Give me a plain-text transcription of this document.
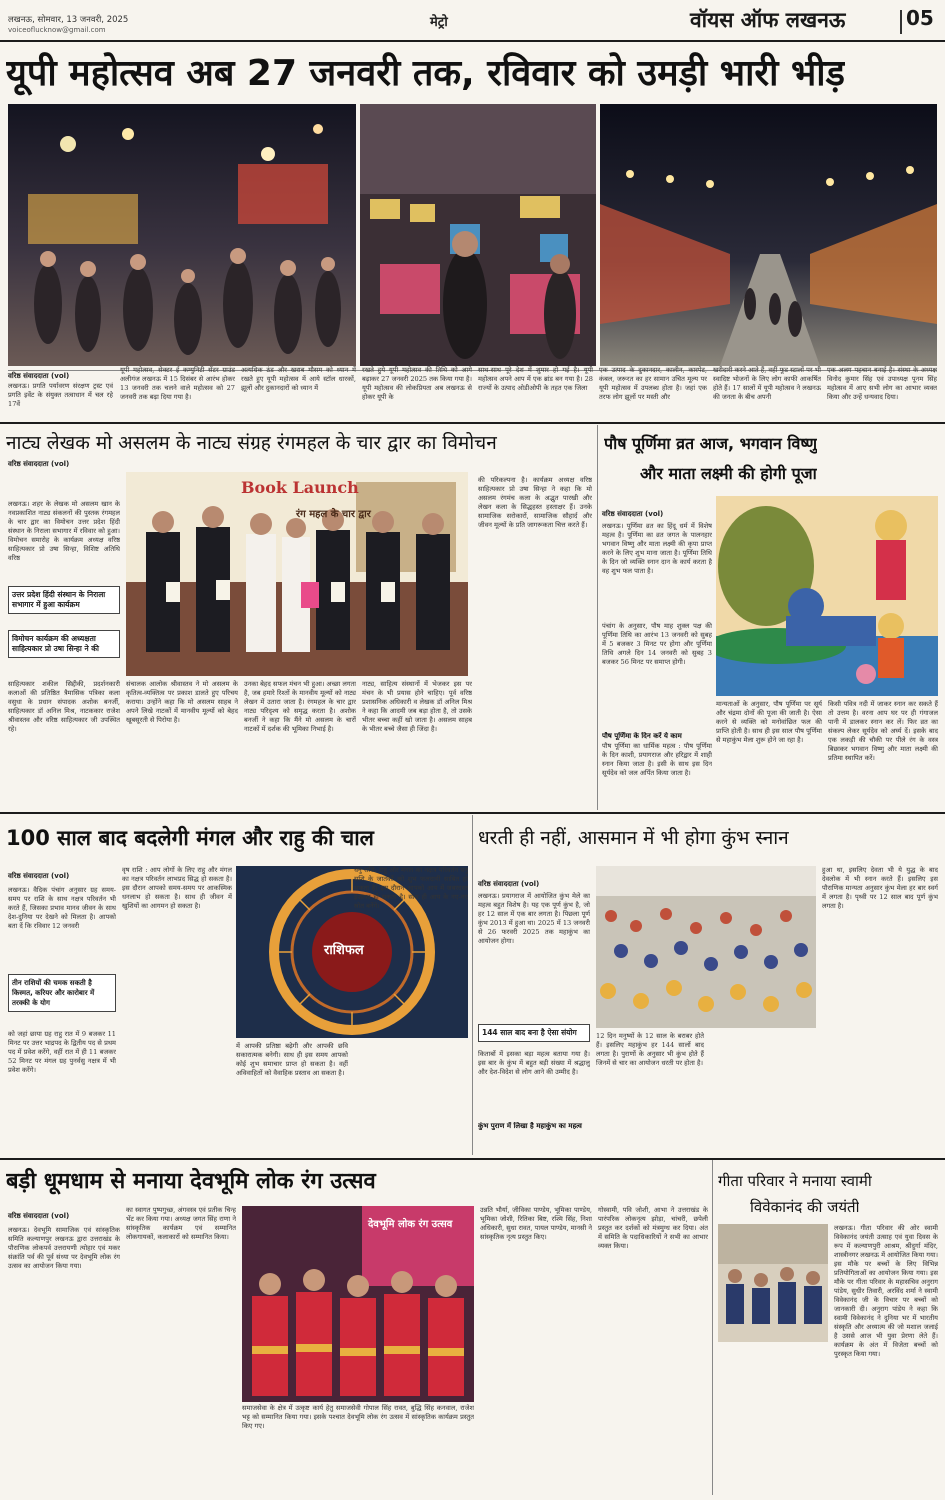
लखनऊ, सोमवार, 13 जनवरी, 2025
voiceoflucknow@gmail.com	मेट्रो	वॉयस ऑफ लखनऊ	05
यूपी महोत्सव अब 27 जनवरी तक, रविवार को उमड़ी भारी भीड़
वरिष्ठ संवाददाता (vol)
लखनऊ। प्रगति पर्यावरण संरक्षण ट्रस्ट एवं प्रगति इवेंट के संयुक्त तत्वाधान में चल रहे 17वें
यूपी महोत्सव, सेक्टर ई कम्युनिटी सेंटर ग्राउंड अलीगंज लखनऊ में 15 दिसंबर से आरंभ होकर 13 जनवरी तक चलने वाले महोत्सव को 27 जनवरी तक बढ़ा दिया गया है।
अत्यधिक ठंड और खराब मौसम को ध्यान में रखते हुए यूपी महोत्सव में आये स्टॉल धारकों, झूलों और दुकानदारों को ध्यान में
रखते हुये यूपी महोत्सव की तिथि को आगे बढ़ाकर 27 जनवरी 2025 तक किया गया है। यूपी महोत्सव की लोकप्रियता अब लखनऊ से होकर यूपी के
साथ-साथ पूरे देश में शुमार हो गई है। यूपी महोत्सव अपने आप में एक ब्रांड बन गया है। 28 राज्यों के उत्पाद ओडीओपी के तहत एक जिला
एक उत्पाद के दुकानदार, कालीन, कारपेट, कंबल, जरूरत का हर सामान उचित मूल्य पर यूपी महोत्सव में उपलब्ध होता है। जहां एक तरफ लोग झूलों पर मस्ती और
खरीदारी करने आते हैं, वहीं फूड स्टालों पर भी स्वादिष्ट भोजनों के लिए लोग काफी आकर्षित होते हैं। 17 सालों में यूपी महोत्सव ने लखनऊ की जनता के बीच अपनी
एक अलग पहचान बनाई है। संस्था के अध्यक्ष विनोद कुमार सिंह एवं उपाध्यक्ष पूनम सिंह महोत्सव में आए सभी लोग का आभार व्यक्त किया और उन्हें धन्यवाद दिया।
नाट्य लेखक मो असलम के नाट्य संग्रह रंगमहल के चार द्वार का विमोचन
वरिष्ठ संवाददाता (vol)
लखनऊ। शहर के लेखक मो असलम खान के नवप्रकाशित नाट्य संकलनों की पुस्तक रंगमहल के चार द्वार का विमोचन उत्तर प्रदेश हिंदी संस्थान के निराला सभागार में रविवार को हुआ। विमोचन समारोह के कार्यक्रम अध्यक्ष वरिष्ठ साहित्यकार प्रो उषा सिन्हा, विशिष्ट अतिथि वरिष्ठ
उत्तर प्रदेश हिंदी संस्थान के निराला सभागार में हुआ कार्यक्रम
विमोचन कार्यक्रम की अध्यक्षता साहित्यकार प्रो उषा सिन्हा ने की
Book Launch
रंग महल के चार द्वार
साहित्यकार शकील सिद्दीकी, प्रदर्शनकारी कलाओं की प्रतिष्ठित त्रैमासिक पत्रिका कला वसुधा के प्रधान संपादक अशोक बनर्जी, साहित्यकार डॉ अनिल मिश्र, नाटककार राजेश श्रीवास्तव और वरिष्ठ साहित्यकार जी उपस्थित रहे।
संचालक आलोक श्रीवास्तव ने मो असलम के कृतित्व-व्यक्तित्व पर प्रकाश डालते हुए परिचय कराया। उन्होंने कहा कि मो असलम साहब ने अपने लिखे नाटकों में मानवीय मूल्यों को बेहद खूबसूरती से पिरोया है।
उनका बेहद सफल मंचन भी हुआ। अच्छा लगता है, जब हमारे रिश्तों के मानवीय मूल्यों को नाट्य लेखन में उतारा जाता है। रंगमहल के चार द्वार नाट्य परिदृश्य को समृद्ध करता है। अशोक बनर्जी ने कहा कि मैंने मो असलम के चारों नाटकों में दर्शक की भूमिका निभाई है।
नाट्य, साहित्य संस्थानों में भेजकर इस पर मंचन के भी प्रयास होने चाहिए। पूर्व वरिष्ठ प्रशासनिक अधिकारी व लेखक डॉ अनिल मिश्र ने कहा कि आदमी जब बड़ा होता है, तो उसके भीतर बच्चा कहीं खो जाता है। असलम साहब के भीतर बच्चे जैसा ही जिंदा है।
की परिकल्पना है। कार्यक्रम अध्यक्ष वरिष्ठ साहित्यकार प्रो उषा सिन्हा ने कहा कि मो असलम रंगमंच कला के अद्भुत पारखी और लेखन कला के सिद्धहस्त हस्ताक्षर हैं। उनके सामाजिक सरोकारों, सामाजिक सौहार्द और जीवन मूल्यों के प्रति जागरूकता चित्त करते हैं।
पौष पूर्णिमा व्रत आज, भगवान विष्णु
और माता लक्ष्मी की होगी पूजा
वरिष्ठ संवाददाता (vol)
लखनऊ। पूर्णिमा व्रत का हिंदू धर्म में विशेष महत्व है। पूर्णिमा का व्रत जगत के पालनहार भगवान विष्णु और माता लक्ष्मी की कृपा प्राप्त करने के लिए शुभ माना जाता है। पूर्णिमा तिथि के दिन जो व्यक्ति स्नान दान के कार्य करता है वह शुभ फल पाता है।
पंचांग के अनुसार, पौष माह शुक्ल पक्ष की पूर्णिमा तिथि का आरंभ 13 जनवरी को सुबह में 5 बजकर 3 मिनट पर होगा और पूर्णिमा तिथि अगले दिन 14 जनवरी को सुबह 3 बजकर 56 मिनट पर समाप्त होगी।
पौष पूर्णिमा के दिन करें ये काम
पौष पूर्णिमा का धार्मिक महत्व : पौष पूर्णिमा के दिन काशी, प्रयागराज और हरिद्वार में शाही स्नान किया जाता है। इसी के साथ इस दिन सूर्यदेव को जल अर्पित किया जाता है।
मान्यताओं के अनुसार, पौष पूर्णिमा पर सूर्य और चंद्रमा दोनों की पूजा की जाती है। ऐसा करने से व्यक्ति को मनोवांछित फल की प्राप्ति होती है। साथ ही इस साल पौष पूर्णिमा से महाकुंभ मेला शुरू होने जा रहा है।
किसी पवित्र नदी में जाकर स्नान कर सकते हैं तो उत्तम है। वरना आप घर पर ही गंगाजल पानी में डालकर स्नान कर लें। फिर व्रत का संकल्प लेकर सूर्यदेव को अर्घ्य दें। इसके बाद एक लकड़ी की चौकी पर पीले रंग के वस्त्र बिछाकर भगवान विष्णु और माता लक्ष्मी की प्रतिमा स्थापित करें।
100 साल बाद बदलेगी मंगल और राहु की चाल
वरिष्ठ संवाददाता (vol)
लखनऊ। वैदिक पंचांग अनुसार ग्रह समय-समय पर राशि के साथ नक्षत्र परिवर्तन भी करते हैं, जिसका प्रभाव मानव जीवन के साथ देश-दुनिया पर देखने को मिलता है। आपको बता दें कि रविवार 12 जनवरी
तीन राशियों की चमक सकती है किस्मत, करियर और कारोबार में तरक्की के योग
को जहां छाया ग्रह राहु रात में 9 बजकर 11 मिनट पर उत्तर भाद्रपद के द्वितीय पद से प्रथम पद में प्रवेश करेंगे, वहीं रात में ही 11 बजकर 52 मिनट पर मंगल ग्रह पुनर्वसु नक्षत्र में भी प्रवेश करेंगे।
वृष राशि : आप लोगों के लिए राहु और मंगल का नक्षत्र परिवर्तन लाभप्रद सिद्ध हो सकता है। इस दौरान आपको समय-समय पर आकस्मिक धनलाभ हो सकता है। साथ ही जीवन में खुशियों का आगमन हो सकता है।
राशिफल
में आपकी प्रतिष्ठा बढ़ेगी और आपकी छवि सकारात्मक बनेगी। साथ ही इस समय आपको कोई शुभ समाचार प्राप्त हो सकता है। वहीं अविवाहितों को वैवाहिक प्रस्ताव आ सकता है।
धनु राशि: राहु और मंगल का नक्षत्र परिवर्तन धनु राशि के जातकों को शुभ फलदायी साबित हो सकता है। इस दौरान आपको आय में जबरदस्त इजाफा हो सकता है। साथ ही आय के नए-नए स्रोत बनेंगे।
धरती ही नहीं, आसमान में भी होगा कुंभ स्नान
वरिष्ठ संवाददाता (vol)
लखनऊ। प्रयागराज में आयोजित कुंभ मेले का महत्व बहुत विशेष है। यह एक पूर्ण कुंभ है, जो हर 12 साल में एक बार लगता है। पिछला पूर्ण कुंभ 2013 में हुआ था। 2025 में 13 जनवरी से 26 फरवरी 2025 तक महाकुंभ का आयोजन होगा।
144 साल बाद बना है ऐसा संयोग
किताबों में इसका बड़ा महत्व बताया गया है। इस बार के कुंभ में बहुत बड़ी संख्या में श्रद्धालु और देश-विदेश से लोग आने की उम्मीद है।
कुंभ पुराण में लिखा है महाकुंभ का महत्व
12 दिन मनुष्यों के 12 साल के बराबर होते हैं। इसलिए महाकुंभ हर 144 सालों बाद लगता है। पुराणों के अनुसार भी कुंभ होते हैं जिनमें से चार का आयोजन धरती पर होता है।
हुआ था, इसलिए देवता भी ये युद्ध के बाद देवलोक में भी स्नान करते हैं। इसलिए इस पौराणिक मान्यता अनुसार कुंभ मेला हर बार स्वर्ग में लगता है। पृथ्वी पर 12 साल बाद पूर्ण कुंभ लगता है।
बड़ी धूमधाम से मनाया देवभूमि लोक रंग उत्सव
वरिष्ठ संवाददाता (vol)
लखनऊ। देवभूमि सामाजिक एवं सांस्कृतिक समिति कल्याणपुर लखनऊ द्वारा उत्तराखंड के पौराणिक लोकपर्व उत्तरायणी त्योहार एवं मकर संक्रांति पर्व की पूर्व संध्या पर देवभूमि लोक रंग उत्सव का आयोजन किया गया।
का स्वागत पुष्पगुच्छ, अंगवस्त्र एवं प्रतीक चिन्ह भेंट कर किया गया। अध्यक्ष जगत सिंह राणा ने सांस्कृतिक कार्यक्रम एवं सम्मानित लोकगायकों, कलाकारों को सम्मानित किया।
देवभूमि लोक रंग उत्सव
समाजसेवा के क्षेत्र में उत्कृष्ट कार्य हेतु समाजसेवी गोपाल सिंह रावत, बुद्धि सिंह कनवाल, राजेश भट्ट को सम्मानित किया गया। इसके पश्चात देवभूमि लोक रंग उत्सव में सांस्कृतिक कार्यक्रम प्रस्तुत किए गए।
उन्नति भौर्या, जीविका पाण्डेय, भूमिका पाण्डेय, भूमिका जोशी, रितिका बिष्ट, रश्मि सिंह, निशा अधिकारी, सुधा रावत, पायल पाण्डेय, मानसी ने सांस्कृतिक नृत्य प्रस्तुत किए।
गोस्वामी, पवि जोशी, आभा ने उत्तराखंड के पारंपरिक लोकनृत्य झोड़ा, चांचरी, छपेली प्रस्तुत कर दर्शकों को मंत्रमुग्ध कर दिया। अंत में समिति के पदाधिकारियों ने सभी का आभार व्यक्त किया।
गीता परिवार ने मनाया स्वामी
विवेकानंद की जयंती
लखनऊ। गीता परिवार की ओर स्वामी विवेकानंद जयंती उत्साह एवं युवा दिवस के रूप में कल्याणपुरी आश्रम, श्रीदुर्गा मंदिर, शास्त्रीनगर लखनऊ में आयोजित किया गया। इस मौके पर बच्चों के लिए विभिन्न प्रतियोगिताओं का आयोजन किया गया। इस मौके पर गीता परिवार के महासचिव अनुराग पांडेय, सुधीर तिवारी, अरविंद शर्मा ने स्वामी विवेकानंद जी के विचार पर बच्चों को जानकारी दी। अनुराग पांडेय ने कहा कि स्वामी विवेकानंद ने दुनिया भर में भारतीय संस्कृति और अध्यात्म की जो मशाल जलाई है उससे आज भी युवा प्रेरणा लेते हैं। कार्यक्रम के अंत में विजेता बच्चों को पुरस्कृत किया गया।
